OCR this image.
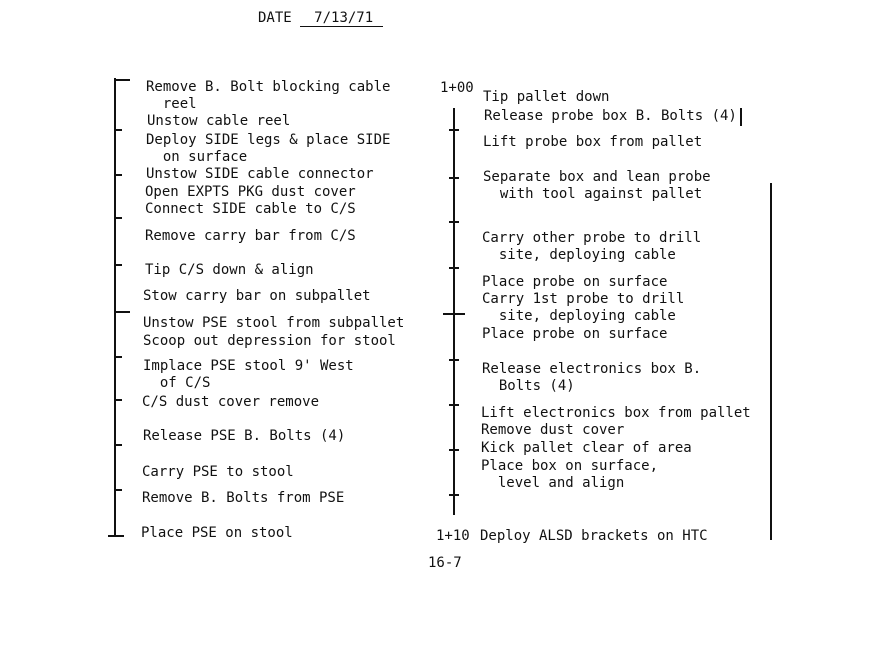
DATE 7/13/71
1+00
1+10
Remove B. Bolt blocking cable
reel
Unstow cable reel
Deploy SIDE legs & place SIDE
on surface
Unstow SIDE cable connector
Open EXPTS PKG dust cover
Connect SIDE cable to C/S
Remove carry bar from C/S
Tip C/S down & align
Stow carry bar on subpallet
Unstow PSE stool from subpallet
Scoop out depression for stool
Implace PSE stool 9' West
of C/S
C/S dust cover remove
Release PSE B. Bolts (4)
Carry PSE to stool
Remove B. Bolts from PSE
Place PSE on stool
Tip pallet down
Release probe box B. Bolts (4)
Lift probe box from pallet
Separate box and lean probe
with tool against pallet
Carry other probe to drill
site, deploying cable
Place probe on surface
Carry 1st probe to drill
site, deploying cable
Place probe on surface
Release electronics box B.
Bolts (4)
Lift electronics box from pallet
Remove dust cover
Kick pallet clear of area
Place box on surface,
level and align
Deploy ALSD brackets on HTC
16-7
